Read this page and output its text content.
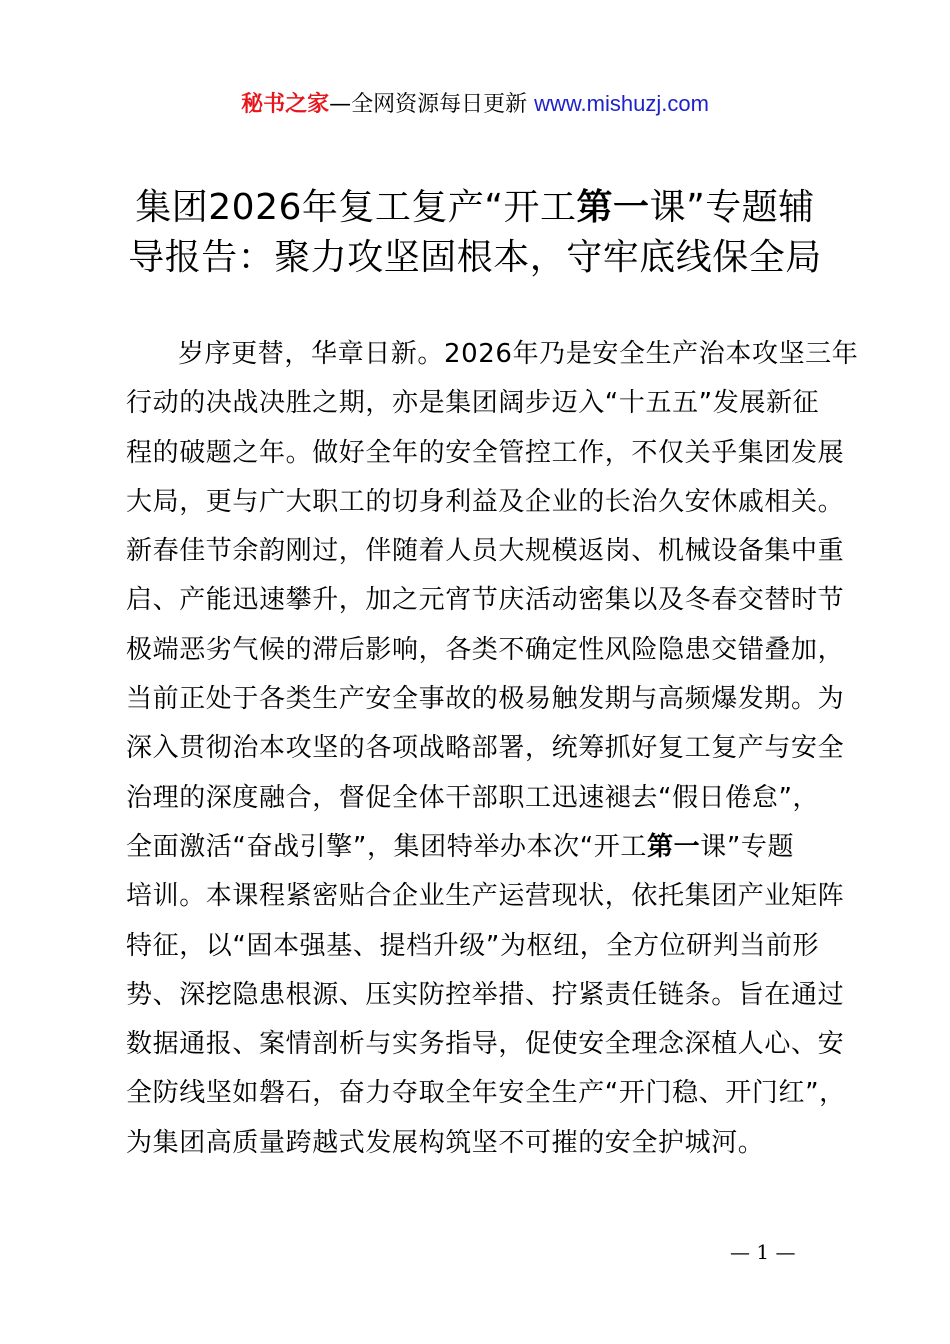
秘书之家—全网资源每日更新 www.mishuzj.com
集团2026年复工复产“开工第一课”专题辅
导报告：聚力攻坚固根本，守牢底线保全局
岁序更替，华章日新。2026年乃是安全生产治本攻坚三年
行动的决战决胜之期，亦是集团阔步迈入“十五五”发展新征
程的破题之年。做好全年的安全管控工作，不仅关乎集团发展
大局，更与广大职工的切身利益及企业的长治久安休戚相关。
新春佳节余韵刚过，伴随着人员大规模返岗、机械设备集中重
启、产能迅速攀升，加之元宵节庆活动密集以及冬春交替时节
极端恶劣气候的滞后影响，各类不确定性风险隐患交错叠加，
当前正处于各类生产安全事故的极易触发期与高频爆发期。为
深入贯彻治本攻坚的各项战略部署，统筹抓好复工复产与安全
治理的深度融合，督促全体干部职工迅速褪去“假日倦怠”，
全面激活“奋战引擎”，集团特举办本次“开工第一课”专题
培训。本课程紧密贴合企业生产运营现状，依托集团产业矩阵
特征，以“固本强基、提档升级”为枢纽，全方位研判当前形
势、深挖隐患根源、压实防控举措、拧紧责任链条。旨在通过
数据通报、案情剖析与实务指导，促使安全理念深植人心、安
全防线坚如磐石，奋力夺取全年安全生产“开门稳、开门红”，
为集团高质量跨越式发展构筑坚不可摧的安全护城河。
— 1 —
